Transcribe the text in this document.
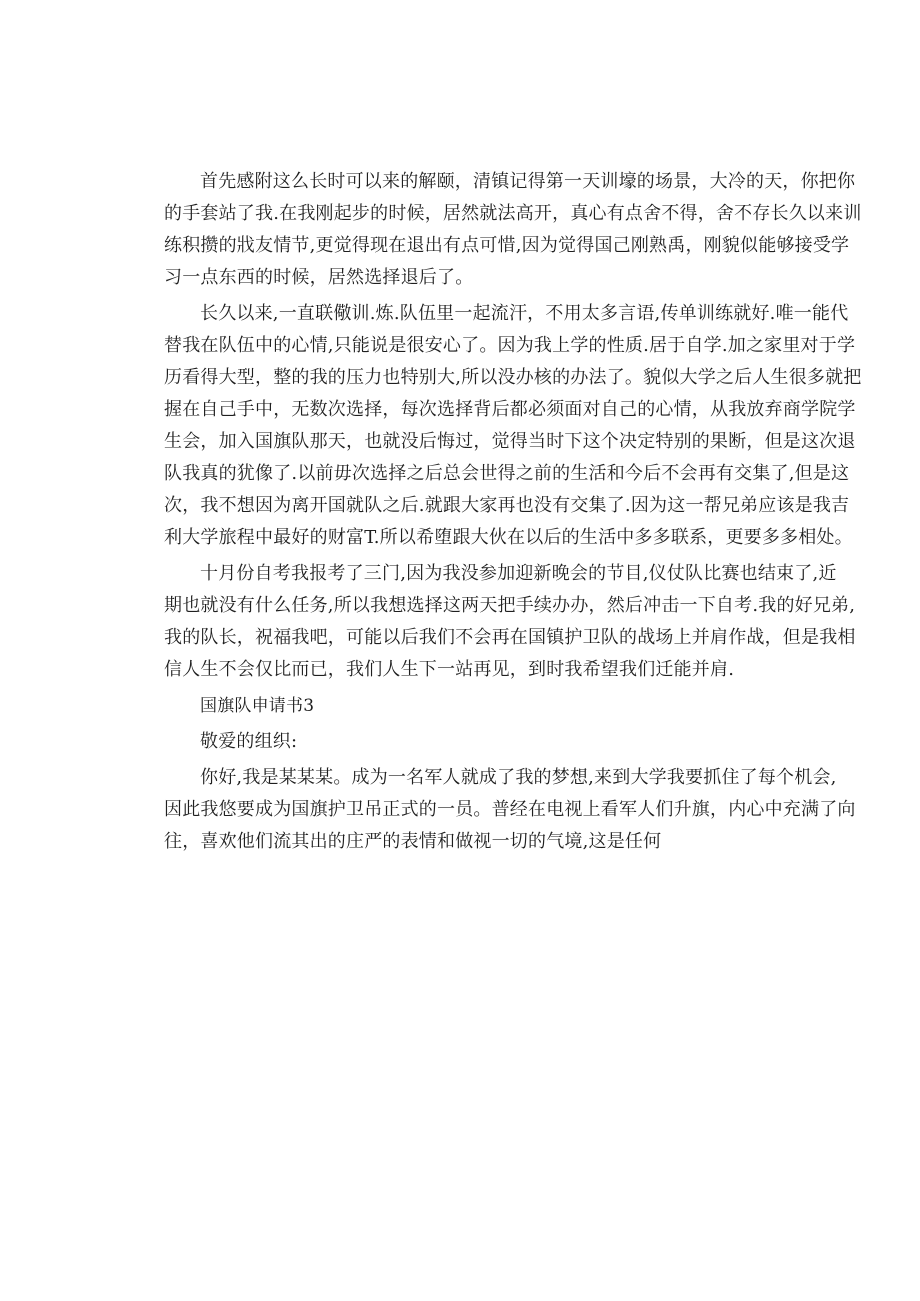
首先感附这么长时可以来的解颐，清镇记得第一天训壕的场景，大冷的天，你把你
的手套站了我.在我刚起步的时候，居然就法高开，真心有点舍不得，舍不存长久以来训
练积攒的戕友情节,更觉得现在退出有点可惜,因为觉得国己刚熟禹，刚貌似能够接受学
习一点东西的时候，居然选择退后了。
长久以来,一直联儆训.炼.队伍里一起流汗，不用太多言语,传单训练就好.唯一能代
替我在队伍中的心情,只能说是很安心了。因为我上学的性质.居于自学.加之家里对于学
历看得大型，整的我的压力也特别大,所以没办核的办法了。貌似大学之后人生很多就把
握在自己手中，无数次选择，每次选择背后都必须面对自己的心情，从我放弃商学院学
生会，加入国旗队那天，也就没后悔过，觉得当时下这个决定特别的果断，但是这次退
队我真的犹像了.以前毋次选择之后总会世得之前的生活和今后不会再有交集了,但是这
次，我不想因为离开国就队之后.就跟大家再也没有交集了.因为这一帮兄弟应该是我吉
利大学旅程中最好的财富T.所以希堕跟大伙在以后的生活中多多联系，更要多多相处。
十月份自考我报考了三门,因为我没参加迎新晚会的节目,仪仗队比赛也结束了,近
期也就没有什么任务,所以我想选择这两天把手续办办，然后冲击一下自考.我的好兄弟,
我的队长，祝福我吧，可能以后我们不会再在国镇护卫队的战场上并肩作战，但是我相
信人生不会仅比而已，我们人生下一站再见，到时我希望我们迁能并肩.
国旗队申请书3
敬爱的组织:
你好,我是某某某。成为一名军人就成了我的梦想,来到大学我要抓住了每个机会,
因此我悠要成为国旗护卫吊正式的一员。普经在电视上看军人们升旗，内心中充满了向
往，喜欢他们流其出的庄严的表情和做视一切的气境,这是任何
